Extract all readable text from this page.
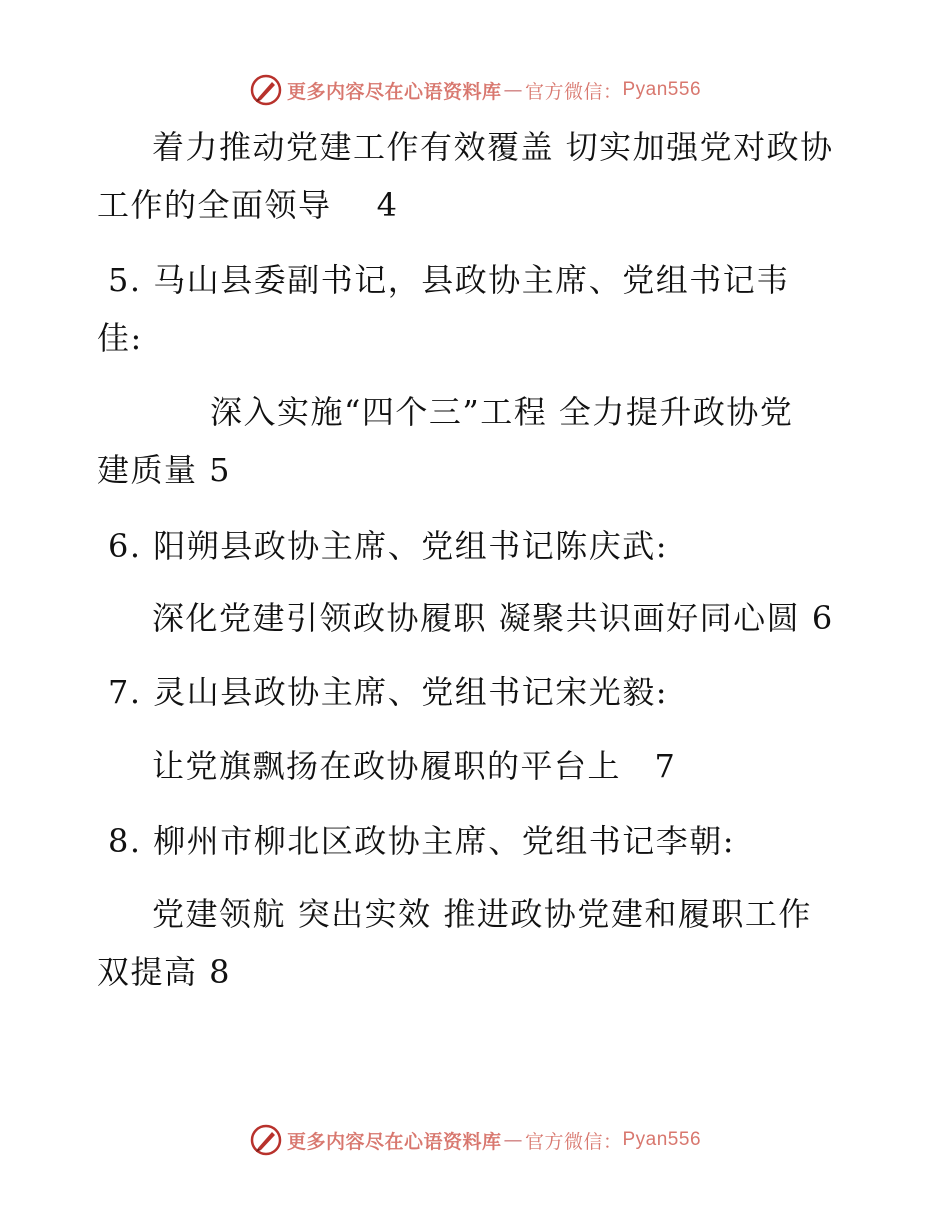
更多内容尽在心语资料库 — 官方微信： Pyan556
着力推动党建工作有效覆盖 切实加强党对政协
工作的全面领导　 4
5. 马山县委副书记，县政协主席、党组书记韦
佳:
深入实施“四个三”工程 全力提升政协党
建质量 5
6. 阳朔县政协主席、党组书记陈庆武:
深化党建引领政协履职 凝聚共识画好同心圆 6
7. 灵山县政协主席、党组书记宋光毅:
让党旗飘扬在政协履职的平台上　7
8. 柳州市柳北区政协主席、党组书记李朝:
党建领航 突出实效 推进政协党建和履职工作
双提高 8
更多内容尽在心语资料库 — 官方微信： Pyan556
